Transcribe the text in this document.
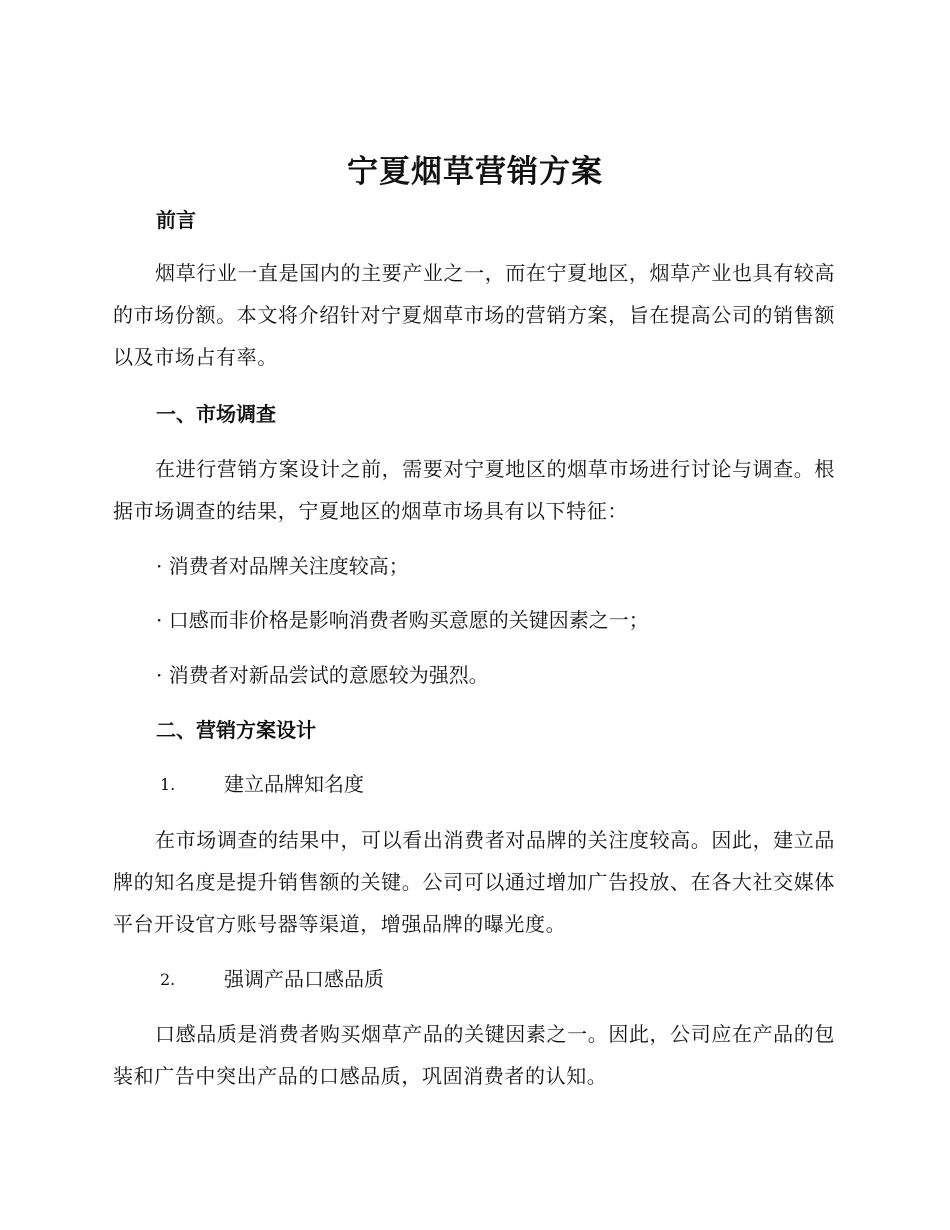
宁夏烟草营销方案
前言
烟草行业一直是国内的主要产业之一，而在宁夏地区，烟草产业也具有较高的市场份额。本文将介绍针对宁夏烟草市场的营销方案，旨在提高公司的销售额以及市场占有率。
一、市场调查
在进行营销方案设计之前，需要对宁夏地区的烟草市场进行讨论与调查。根据市场调查的结果，宁夏地区的烟草市场具有以下特征：
· 消费者对品牌关注度较高；
· 口感而非价格是影响消费者购买意愿的关键因素之一；
· 消费者对新品尝试的意愿较为强烈。
二、营销方案设计
1. 建立品牌知名度
在市场调查的结果中，可以看出消费者对品牌的关注度较高。因此，建立品牌的知名度是提升销售额的关键。公司可以通过增加广告投放、在各大社交媒体平台开设官方账号器等渠道，增强品牌的曝光度。
2. 强调产品口感品质
口感品质是消费者购买烟草产品的关键因素之一。因此，公司应在产品的包装和广告中突出产品的口感品质，巩固消费者的认知。
